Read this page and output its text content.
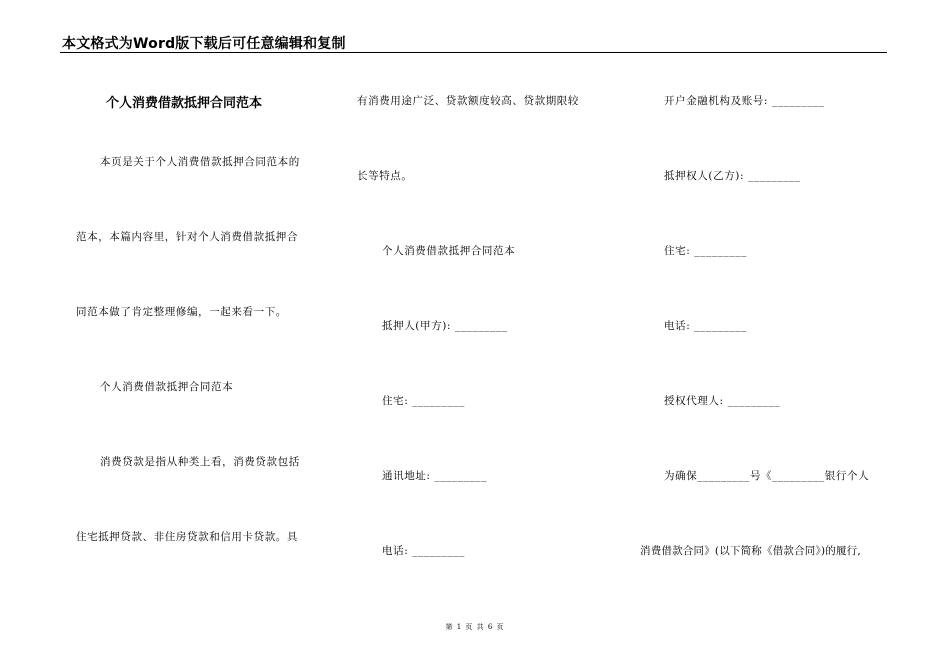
本文格式为Word版下载后可任意编辑和复制
个人消费借款抵押合同范本
本页是关于个人消费借款抵押合同范本的
范本，本篇内容里，针对个人消费借款抵押合
同范本做了肯定整理修编，一起来看一下。
个人消费借款抵押合同范本
消费贷款是指从种类上看，消费贷款包括
住宅抵押贷款、非住房贷款和信用卡贷款。具
有消费用途广泛、贷款额度较高、贷款期限较
长等特点。
个人消费借款抵押合同范本
抵押人(甲方): _________
住宅: _________
通讯地址: _________
电话: _________
开户金融机构及账号: _________
抵押权人(乙方): _________
住宅: _________
电话: _________
授权代理人: _________
为确保_________号《_________银行个人
消费借款合同》(以下简称《借款合同》)的履行,
第 1 页 共 6 页
